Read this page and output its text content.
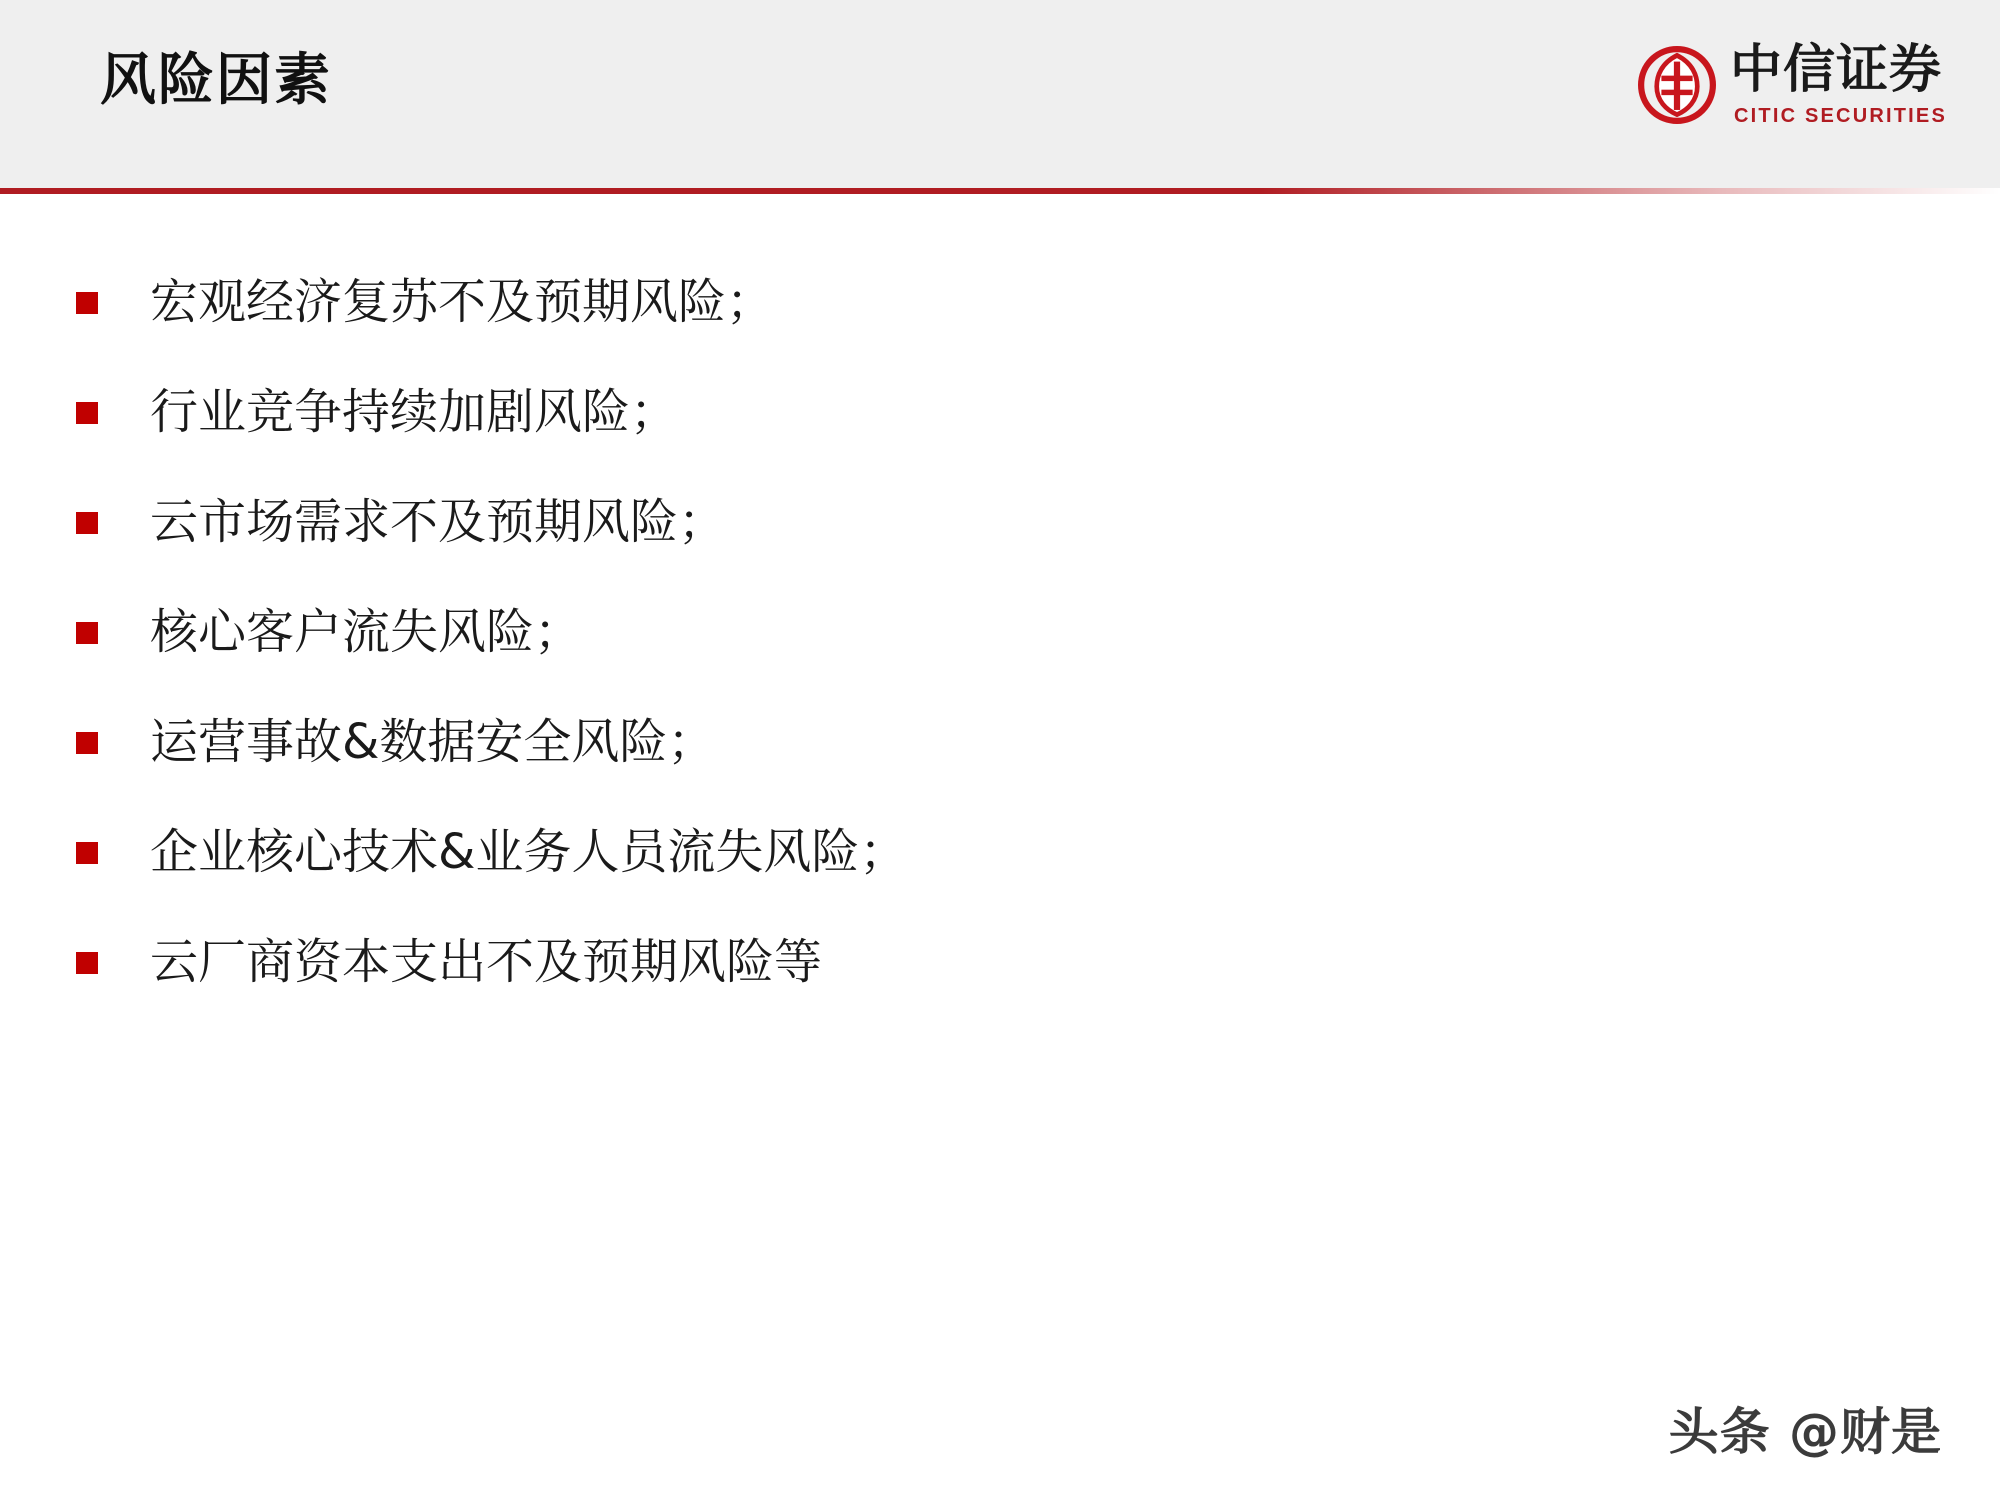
风险因素	中信证券
CITIC SECURITIES
宏观经济复苏不及预期风险；
行业竞争持续加剧风险；
云市场需求不及预期风险；
核心客户流失风险；
运营事故&数据安全风险；
企业核心技术&业务人员流失风险；
云厂商资本支出不及预期风险等
头条 @财是
